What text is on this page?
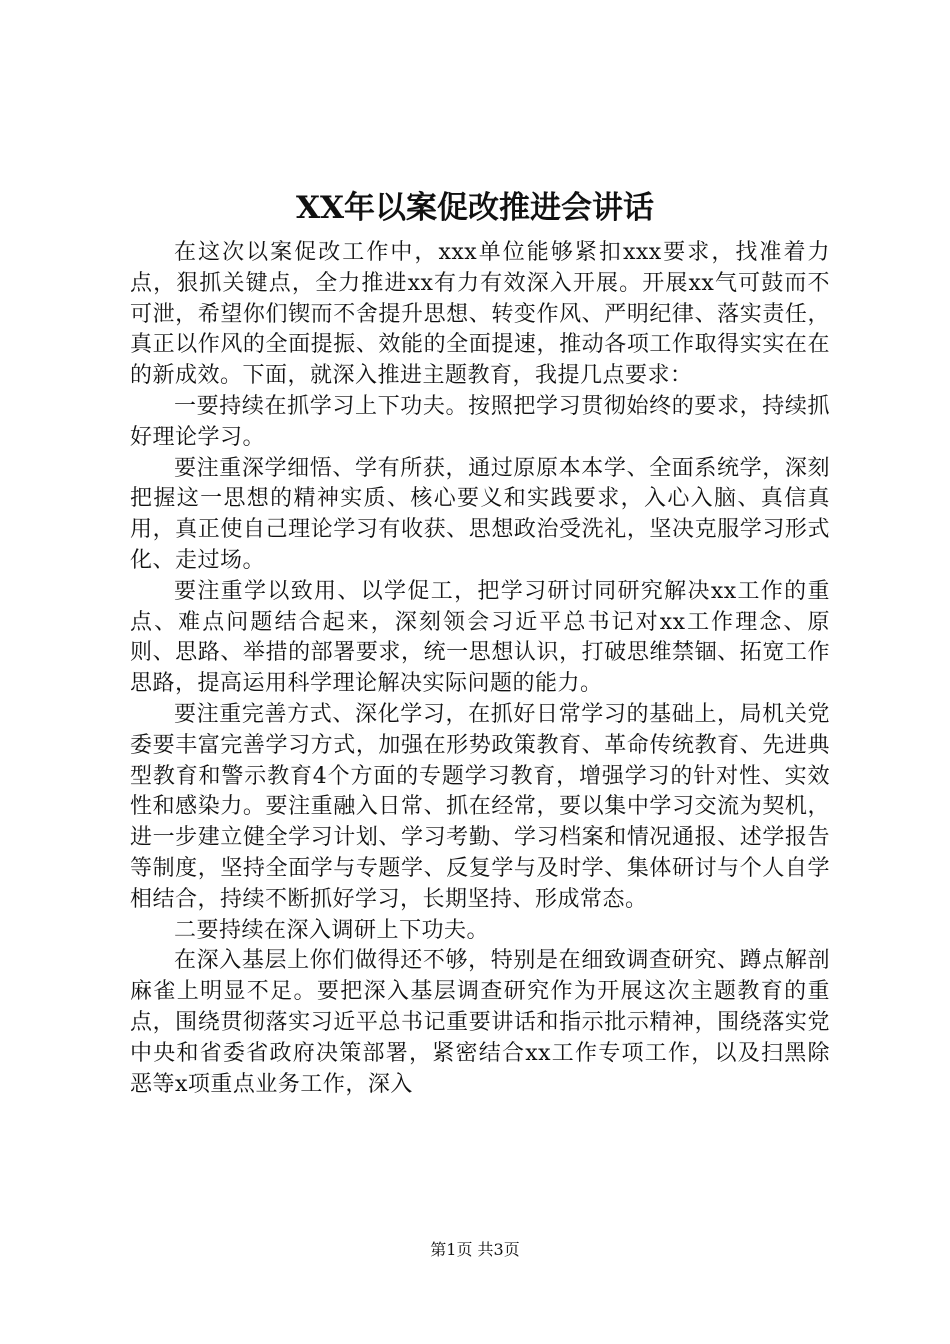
XX年以案促改推进会讲话

在这次以案促改工作中，xxx单位能够紧扣xxx要求，找准着力点，狠抓关键点，全力推进xx有力有效深入开展。开展xx气可鼓而不可泄，希望你们锲而不舍提升思想、转变作风、严明纪律、落实责任，真正以作风的全面提振、效能的全面提速，推动各项工作取得实实在在的新成效。下面，就深入推进主题教育，我提几点要求：

一要持续在抓学习上下功夫。按照把学习贯彻始终的要求，持续抓好理论学习。

要注重深学细悟、学有所获，通过原原本本学、全面系统学，深刻把握这一思想的精神实质、核心要义和实践要求，入心入脑、真信真用，真正使自己理论学习有收获、思想政治受洗礼，坚决克服学习形式化、走过场。

要注重学以致用、以学促工，把学习研讨同研究解决xx工作的重点、难点问题结合起来，深刻领会习近平总书记对xx工作理念、原则、思路、举措的部署要求，统一思想认识，打破思维禁锢、拓宽工作思路，提高运用科学理论解决实际问题的能力。

要注重完善方式、深化学习，在抓好日常学习的基础上，局机关党委要丰富完善学习方式，加强在形势政策教育、革命传统教育、先进典型教育和警示教育4个方面的专题学习教育，增强学习的针对性、实效性和感染力。要注重融入日常、抓在经常，要以集中学习交流为契机，进一步建立健全学习计划、学习考勤、学习档案和情况通报、述学报告等制度，坚持全面学与专题学、反复学与及时学、集体研讨与个人自学相结合，持续不断抓好学习，长期坚持、形成常态。

二要持续在深入调研上下功夫。

在深入基层上你们做得还不够，特别是在细致调查研究、蹲点解剖麻雀上明显不足。要把深入基层调查研究作为开展这次主题教育的重点，围绕贯彻落实习近平总书记重要讲话和指示批示精神，围绕落实党中央和省委省政府决策部署，紧密结合xx工作专项工作，以及扫黑除恶等x项重点业务工作，深入

第1页 共3页
